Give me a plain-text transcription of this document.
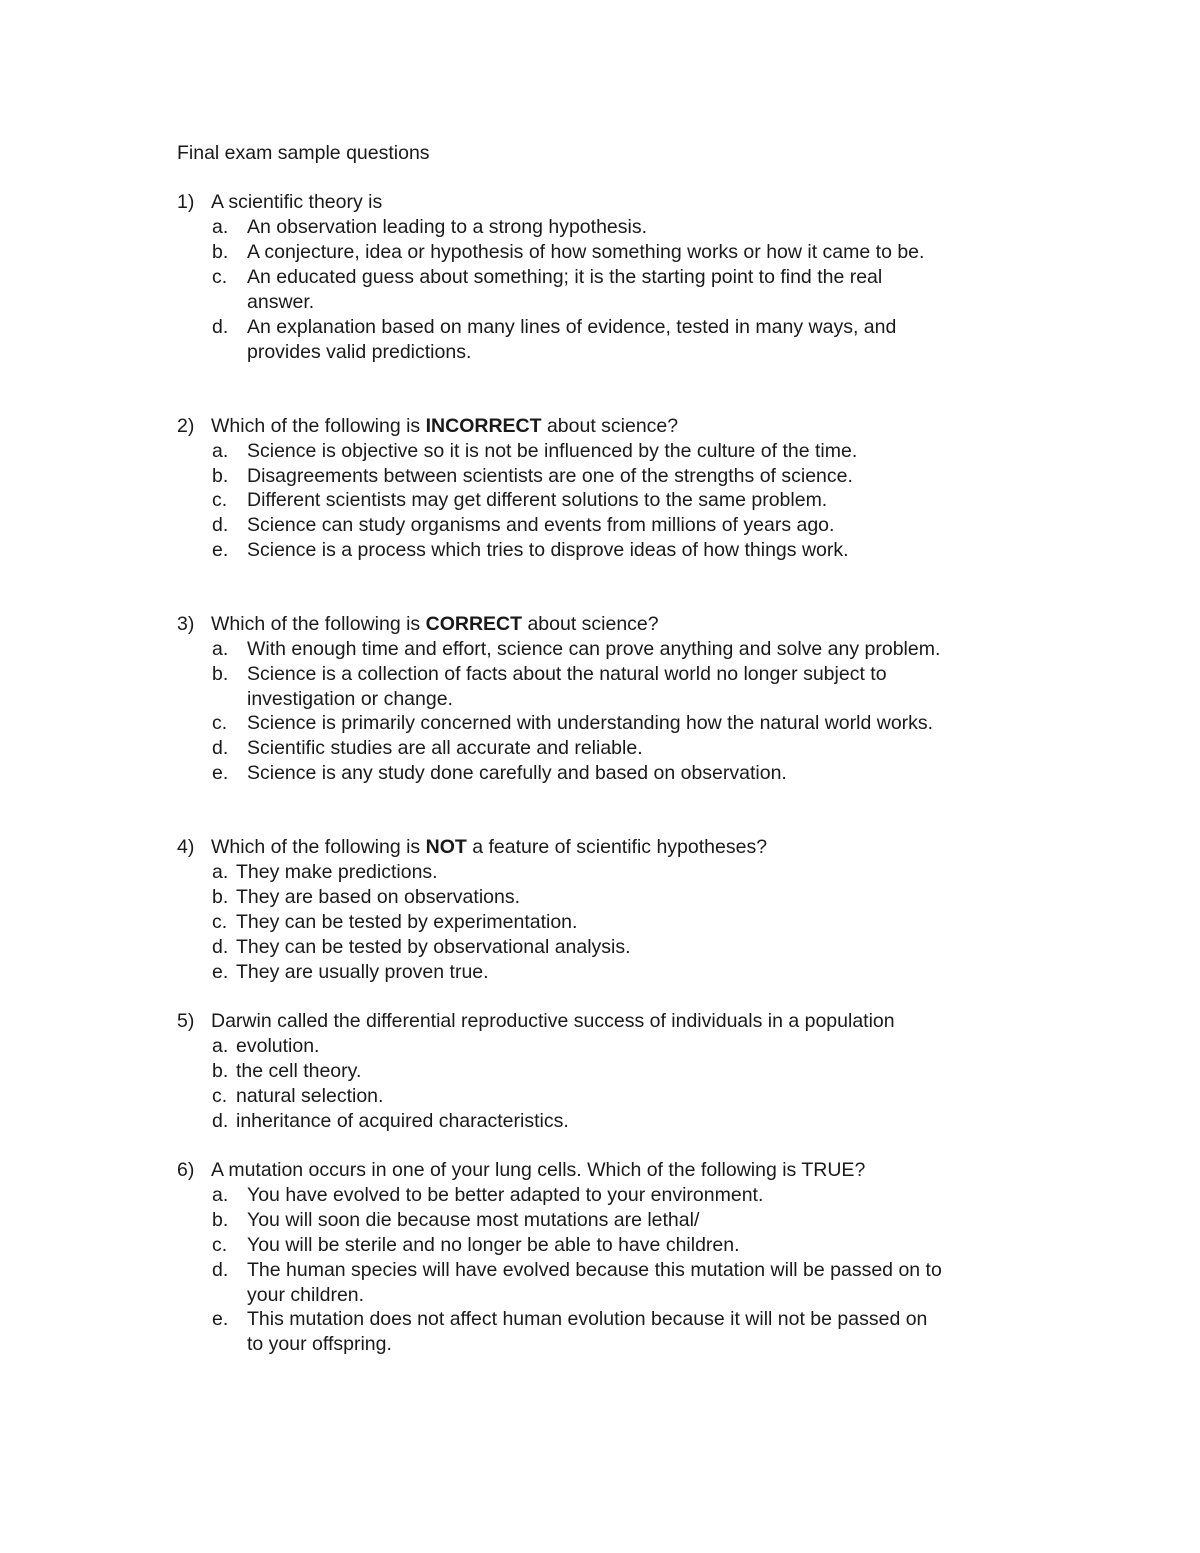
Final exam sample questions
1) A scientific theory is
a. An observation leading to a strong hypothesis.
b. A conjecture, idea or hypothesis of how something works or how it came to be.
c. An educated guess about something; it is the starting point to find the real
answer.
d. An explanation based on many lines of evidence, tested in many ways, and
provides valid predictions.
2) Which of the following is INCORRECT about science?
a. Science is objective so it is not be influenced by the culture of the time.
b. Disagreements between scientists are one of the strengths of science.
c. Different scientists may get different solutions to the same problem.
d. Science can study organisms and events from millions of years ago.
e. Science is a process which tries to disprove ideas of how things work.
3) Which of the following is CORRECT about science?
a. With enough time and effort, science can prove anything and solve any problem.
b. Science is a collection of facts about the natural world no longer subject to
investigation or change.
c. Science is primarily concerned with understanding how the natural world works.
d. Scientific studies are all accurate and reliable.
e. Science is any study done carefully and based on observation.
4) Which of the following is NOT a feature of scientific hypotheses?
a. They make predictions.
b. They are based on observations.
c. They can be tested by experimentation.
d. They can be tested by observational analysis.
e. They are usually proven true.
5) Darwin called the differential reproductive success of individuals in a population
a. evolution.
b. the cell theory.
c. natural selection.
d. inheritance of acquired characteristics.
6) A mutation occurs in one of your lung cells. Which of the following is TRUE?
a. You have evolved to be better adapted to your environment.
b. You will soon die because most mutations are lethal/
c. You will be sterile and no longer be able to have children.
d. The human species will have evolved because this mutation will be passed on to
your children.
e. This mutation does not affect human evolution because it will not be passed on
to your offspring.
